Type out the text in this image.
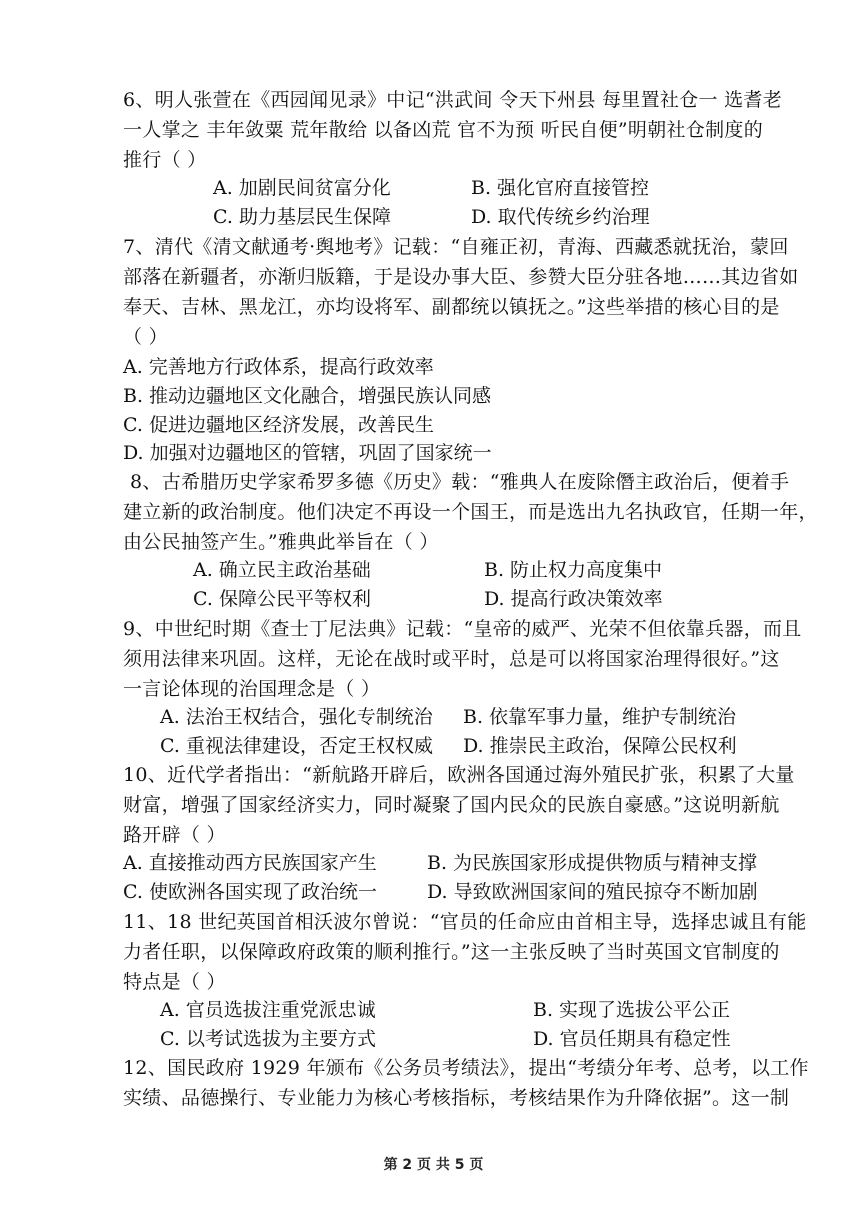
6、明人张萱在《西园闻见录》中记“洪武间 令天下州县 每里置社仓一 选耆老
一人掌之 丰年敛粟 荒年散给 以备凶荒 官不为预 听民自便”明朝社仓制度的
推行（ ）
A. 加剧民间贫富分化	B. 强化官府直接管控
C. 助力基层民生保障	D. 取代传统乡约治理
7、清代《清文献通考·舆地考》记载：“自雍正初，青海、西藏悉就抚治，蒙回
部落在新疆者，亦渐归版籍，于是设办事大臣、参赞大臣分驻各地……其边省如
奉天、吉林、黑龙江，亦均设将军、副都统以镇抚之。”这些举措的核心目的是
（ ）
A. 完善地方行政体系，提高行政效率
B. 推动边疆地区文化融合，增强民族认同感
C. 促进边疆地区经济发展，改善民生
D. 加强对边疆地区的管辖，巩固了国家统一
8、古希腊历史学家希罗多德《历史》载：“雅典人在废除僭主政治后，便着手
建立新的政治制度。他们决定不再设一个国王，而是选出九名执政官，任期一年，
由公民抽签产生。”雅典此举旨在（ ）
A. 确立民主政治基础	B. 防止权力高度集中
C. 保障公民平等权利	D. 提高行政决策效率
9、中世纪时期《查士丁尼法典》记载：“皇帝的威严、光荣不但依靠兵器，而且
须用法律来巩固。这样，无论在战时或平时，总是可以将国家治理得很好。”这
一言论体现的治国理念是（ ）
A. 法治王权结合，强化专制统治 B. 依靠军事力量，维护专制统治
C. 重视法律建设，否定王权权威 D. 推崇民主政治，保障公民权利
10、近代学者指出：“新航路开辟后，欧洲各国通过海外殖民扩张，积累了大量
财富，增强了国家经济实力，同时凝聚了国内民众的民族自豪感。”这说明新航
路开辟（ ）
A. 直接推动西方民族国家产生	B. 为民族国家形成提供物质与精神支撑
C. 使欧洲各国实现了政治统一	D. 导致欧洲国家间的殖民掠夺不断加剧
11、18 世纪英国首相沃波尔曾说：“官员的任命应由首相主导，选择忠诚且有能
力者任职，以保障政府政策的顺利推行。”这一主张反映了当时英国文官制度的
特点是（ ）
A. 官员选拔注重党派忠诚	B. 实现了选拔公平公正
C. 以考试选拔为主要方式	D. 官员任期具有稳定性
12、国民政府 1929 年颁布《公务员考绩法》，提出“考绩分年考、总考，以工作
实绩、品德操行、专业能力为核心考核指标，考核结果作为升降依据”。这一制
第 2 页 共 5 页
